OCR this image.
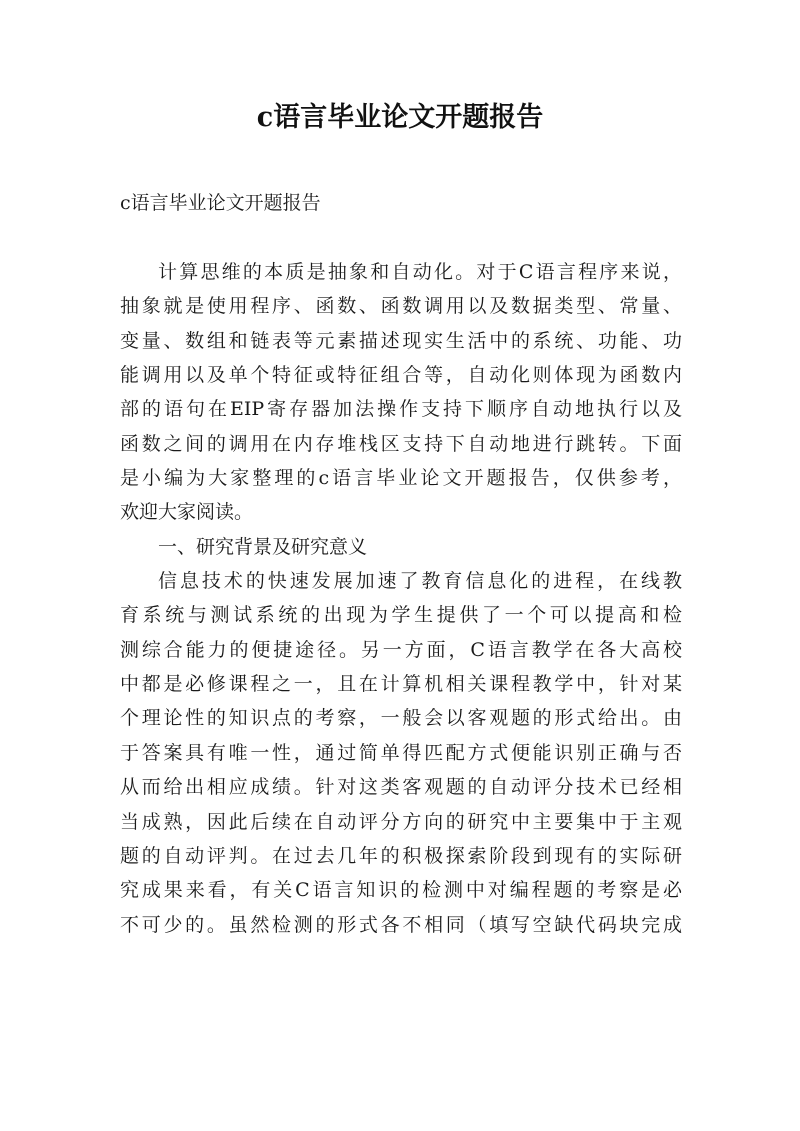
c语言毕业论文开题报告

c语言毕业论文开题报告

计算思维的本质是抽象和自动化。对于C语言程序来说，
抽象就是使用程序、函数、函数调用以及数据类型、常量、
变量、数组和链表等元素描述现实生活中的系统、功能、功
能调用以及单个特征或特征组合等，自动化则体现为函数内
部的语句在EIP寄存器加法操作支持下顺序自动地执行以及
函数之间的调用在内存堆栈区支持下自动地进行跳转。下面
是小编为大家整理的c语言毕业论文开题报告，仅供参考，
欢迎大家阅读。
一、研究背景及研究意义
信息技术的快速发展加速了教育信息化的进程，在线教
育系统与测试系统的出现为学生提供了一个可以提高和检
测综合能力的便捷途径。另一方面，C语言教学在各大高校
中都是必修课程之一，且在计算机相关课程教学中，针对某
个理论性的知识点的考察，一般会以客观题的形式给出。由
于答案具有唯一性，通过简单得匹配方式便能识别正确与否
从而给出相应成绩。针对这类客观题的自动评分技术已经相
当成熟，因此后续在自动评分方向的研究中主要集中于主观
题的自动评判。在过去几年的积极探索阶段到现有的实际研
究成果来看，有关C语言知识的检测中对编程题的考察是必
不可少的。虽然检测的形式各不相同（填写空缺代码块完成
